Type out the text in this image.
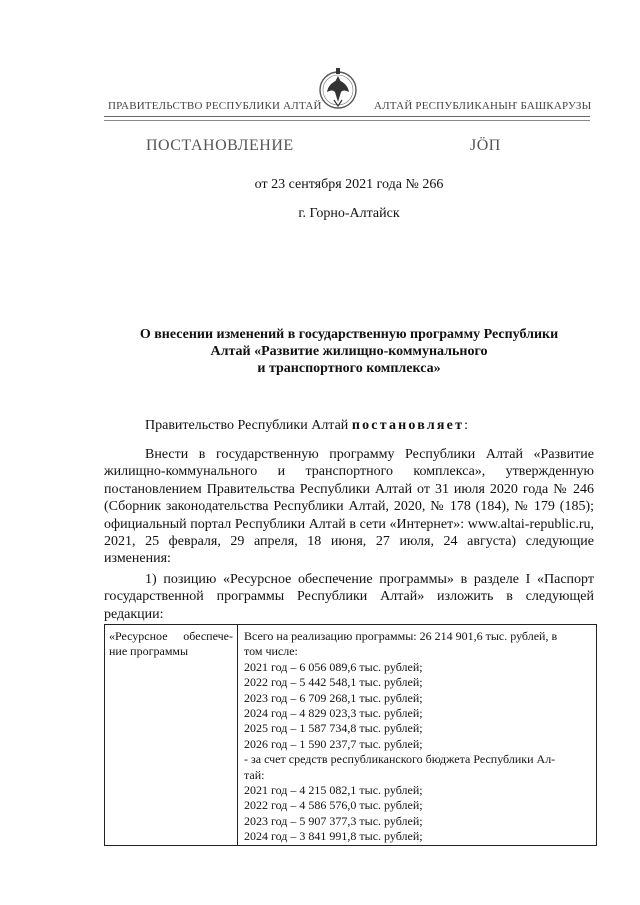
ПРАВИТЕЛЬСТВО РЕСПУБЛИКИ АЛТАЙ	АЛТАЙ РЕСПУБЛИКАНЫҤ БАШКАРУЗЫ
ПОСТАНОВЛЕНИЕ	JӦП
от 23 сентября 2021 года № 266
г. Горно-Алтайск
О внесении изменений в государственную программу Республики
Алтай «Развитие жилищно-коммунального
и транспортного комплекса»
Правительство Республики Алтай постановляет:
Внести в государственную программу Республики Алтай «Развитие жилищно-коммунального и транспортного комплекса», утвержденную постановлением Правительства Республики Алтай от 31 июля 2020 года № 246 (Сборник законодательства Республики Алтай, 2020, № 178 (184), № 179 (185); официальный портал Республики Алтай в сети «Интернет»: www.altai-republic.ru, 2021, 25 февраля, 29 апреля, 18 июня, 27 июля, 24 августа) следующие изменения:
1) позицию «Ресурсное обеспечение программы» в разделе I «Паспорт государственной программы Республики Алтай» изложить в следующей редакции:
«Ресурсное обеспечение программы
Всего на реализацию программы: 26 214 901,6 тыс. рублей, в
том числе:
2021 год – 6 056 089,6 тыс. рублей;
2022 год – 5 442 548,1 тыс. рублей;
2023 год – 6 709 268,1 тыс. рублей;
2024 год – 4 829 023,3 тыс. рублей;
2025 год – 1 587 734,8 тыс. рублей;
2026 год – 1 590 237,7 тыс. рублей;
- за счет средств республиканского бюджета Республики Ал-
тай:
2021 год – 4 215 082,1 тыс. рублей;
2022 год – 4 586 576,0 тыс. рублей;
2023 год – 5 907 377,3 тыс. рублей;
2024 год – 3 841 991,8 тыс. рублей;
